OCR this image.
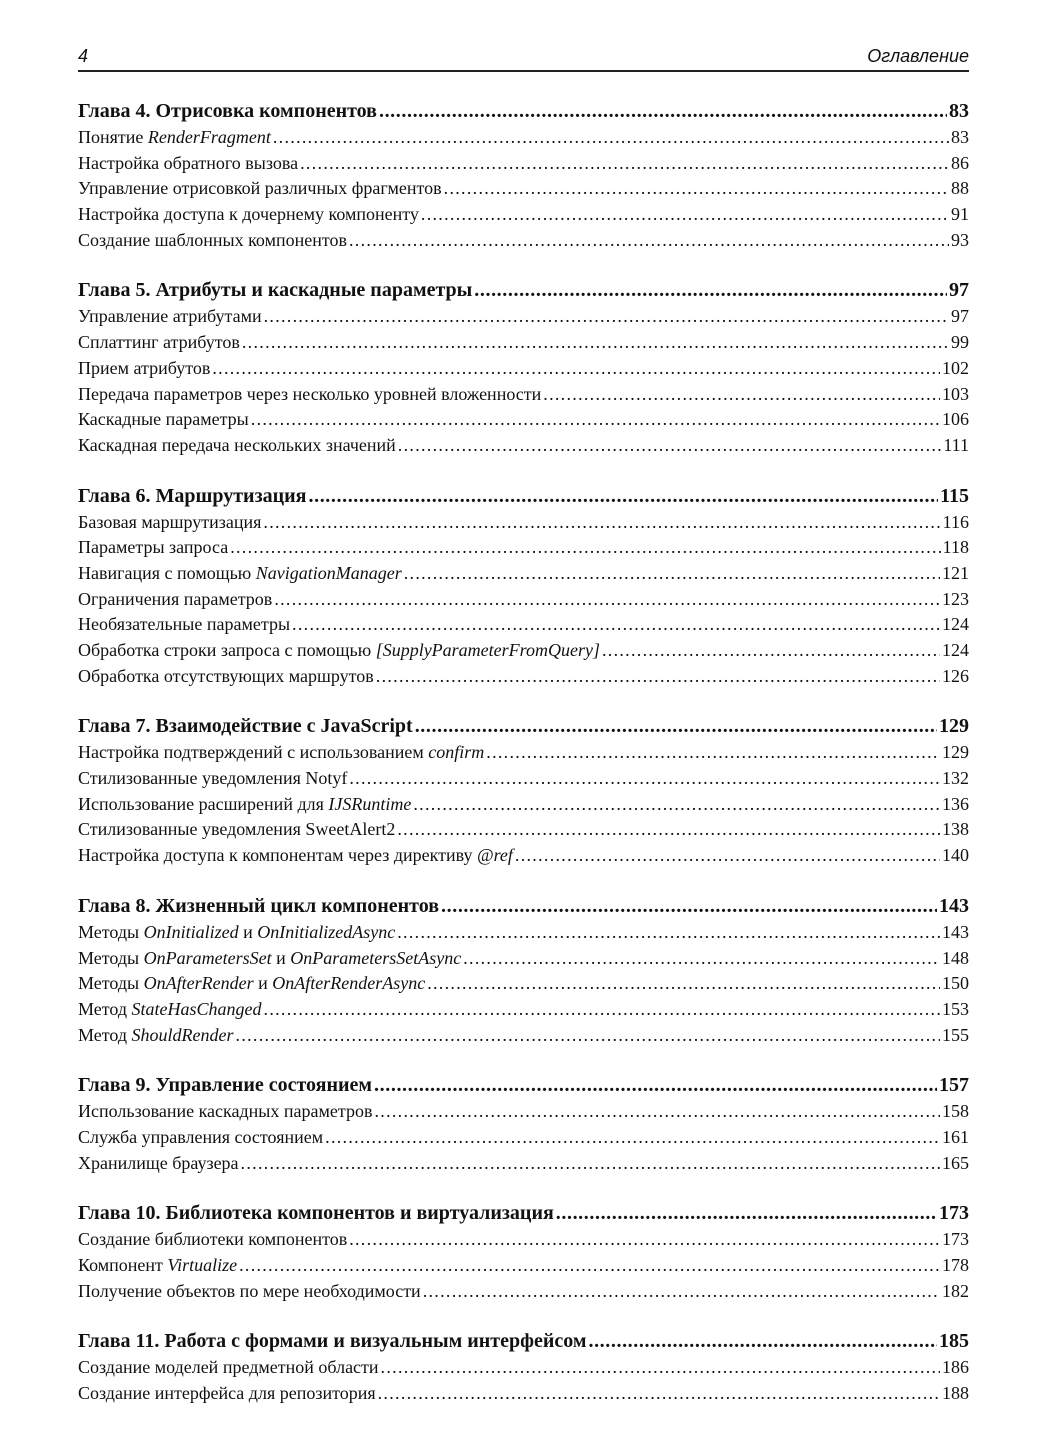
4	Оглавление
Глава 4. Отрисовка компонентов . . .	83
Понятие RenderFragment . . .	83
Настройка обратного вызова . . .	86
Управление отрисовкой различных фрагментов . . .	88
Настройка доступа к дочернему компоненту . . .	91
Создание шаблонных компонентов . . .	93
Глава 5. Атрибуты и каскадные параметры . . .	97
Управление атрибутами . . .	97
Сплаттинг атрибутов . . .	99
Прием атрибутов . . .	102
Передача параметров через несколько уровней вложенности . . .	103
Каскадные параметры . . .	106
Каскадная передача нескольких значений . . .	111
Глава 6. Маршрутизация . . .	115
Базовая маршрутизация . . .	116
Параметры запроса . . .	118
Навигация с помощью NavigationManager . . .	121
Ограничения параметров . . .	123
Необязательные параметры . . .	124
Обработка строки запроса с помощью [SupplyParameterFromQuery] . . .	124
Обработка отсутствующих маршрутов . . .	126
Глава 7. Взаимодействие с JavaScript . . .	129
Настройка подтверждений с использованием confirm . . .	129
Стилизованные уведомления Notyf . . .	132
Использование расширений для IJSRuntime . . .	136
Стилизованные уведомления SweetAlert2 . . .	138
Настройка доступа к компонентам через директиву @ref . . .	140
Глава 8. Жизненный цикл компонентов . . .	143
Методы OnInitialized и OnInitializedAsync . . .	143
Методы OnParametersSet и OnParametersSetAsync . . .	148
Методы OnAfterRender и OnAfterRenderAsync . . .	150
Метод StateHasChanged . . .	153
Метод ShouldRender . . .	155
Глава 9. Управление состоянием . . .	157
Использование каскадных параметров . . .	158
Служба управления состоянием . . .	161
Хранилище браузера . . .	165
Глава 10. Библиотека компонентов и виртуализация . . .	173
Создание библиотеки компонентов . . .	173
Компонент Virtualize . . .	178
Получение объектов по мере необходимости . . .	182
Глава 11. Работа с формами и визуальным интерфейсом . . .	185
Создание моделей предметной области . . .	186
Создание интерфейса для репозитория . . .	188
